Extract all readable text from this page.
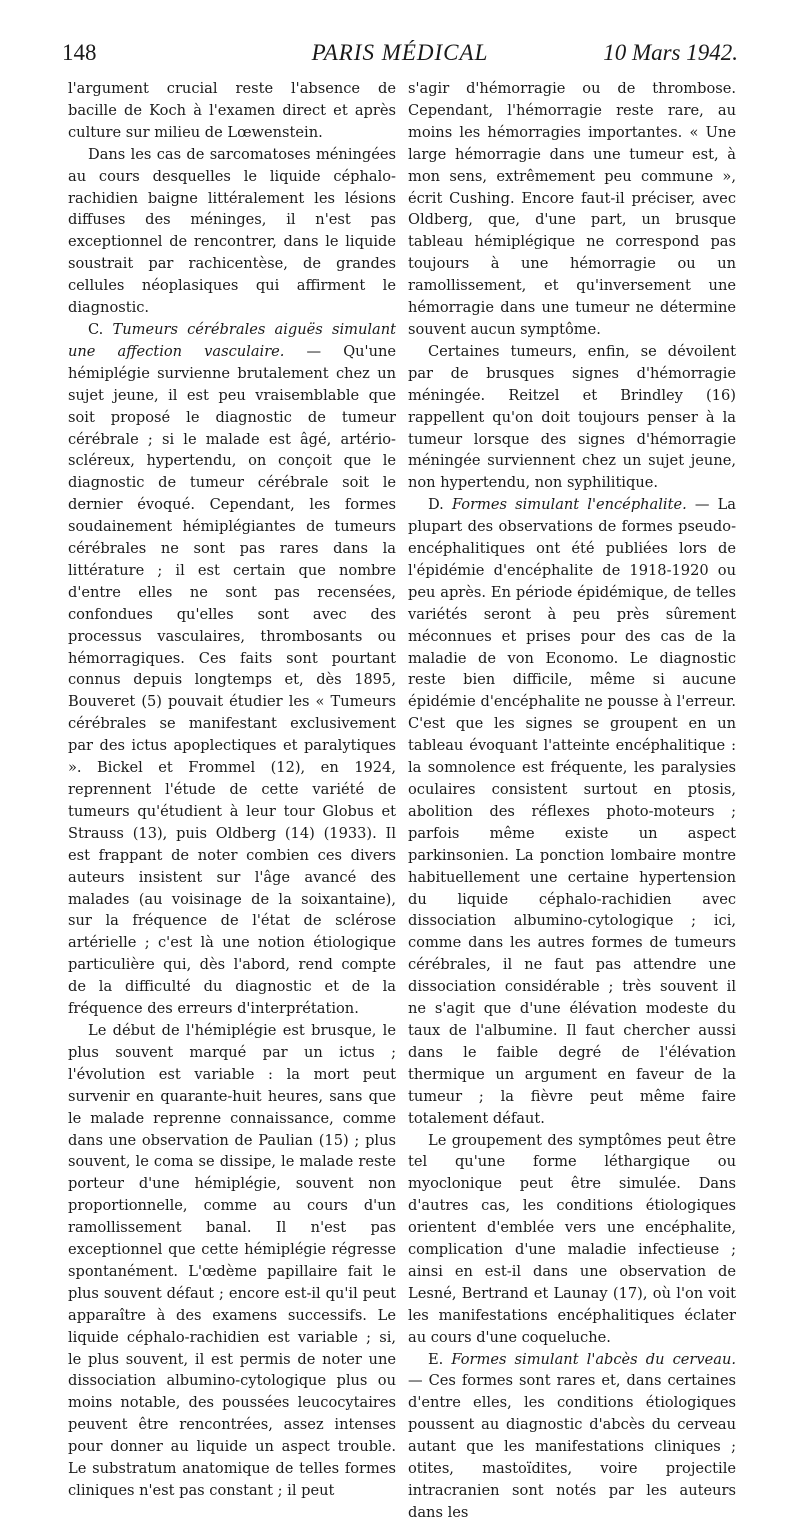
148	PARIS MÉDICAL	10 Mars 1942.

l'argument crucial reste l'absence de bacille de Koch à l'examen direct et après culture sur milieu de Lœwenstein.

Dans les cas de sarcomatoses méningées au cours desquelles le liquide céphalo-rachidien baigne littéralement les lésions diffuses des méninges, il n'est pas exceptionnel de rencontrer, dans le liquide soustrait par rachicentèse, de grandes cellules néoplasiques qui affirment le diagnostic.

C. Tumeurs cérébrales aiguës simulant une affection vasculaire. — Qu'une hémiplégie survienne brutalement chez un sujet jeune, il est peu vraisemblable que soit proposé le diagnostic de tumeur cérébrale ; si le malade est âgé, artério-scléreux, hypertendu, on conçoit que le diagnostic de tumeur cérébrale soit le dernier évoqué. Cependant, les formes soudainement hémiplégiantes de tumeurs cérébrales ne sont pas rares dans la littérature ; il est certain que nombre d'entre elles ne sont pas recensées, confondues qu'elles sont avec des processus vasculaires, thrombosants ou hémorragiques. Ces faits sont pourtant connus depuis longtemps et, dès 1895, Bouveret (5) pouvait étudier les « Tumeurs cérébrales se manifestant exclusivement par des ictus apoplectiques et paralytiques ». Bickel et Frommel (12), en 1924, reprennent l'étude de cette variété de tumeurs qu'étudient à leur tour Globus et Strauss (13), puis Oldberg (14) (1933). Il est frappant de noter combien ces divers auteurs insistent sur l'âge avancé des malades (au voisinage de la soixantaine), sur la fréquence de l'état de sclérose artérielle ; c'est là une notion étiologique particulière qui, dès l'abord, rend compte de la difficulté du diagnostic et de la fréquence des erreurs d'interprétation.

Le début de l'hémiplégie est brusque, le plus souvent marqué par un ictus ; l'évolution est variable : la mort peut survenir en quarante-huit heures, sans que le malade reprenne connaissance, comme dans une observation de Paulian (15) ; plus souvent, le coma se dissipe, le malade reste porteur d'une hémiplégie, souvent non proportionnelle, comme au cours d'un ramollissement banal. Il n'est pas exceptionnel que cette hémiplégie régresse spontanément. L'œdème papillaire fait le plus souvent défaut ; encore est-il qu'il peut apparaître à des examens successifs. Le liquide céphalo-rachidien est variable ; si, le plus souvent, il est permis de noter une dissociation albumino-cytologique plus ou moins notable, des poussées leucocytaires peuvent être rencontrées, assez intenses pour donner au liquide un aspect trouble. Le substratum anatomique de telles formes cliniques n'est pas constant ; il peut

s'agir d'hémorragie ou de thrombose. Cependant, l'hémorragie reste rare, au moins les hémorragies importantes. « Une large hémorragie dans une tumeur est, à mon sens, extrêmement peu commune », écrit Cushing. Encore faut-il préciser, avec Oldberg, que, d'une part, un brusque tableau hémiplégique ne correspond pas toujours à une hémorragie ou un ramollissement, et qu'inversement une hémorragie dans une tumeur ne détermine souvent aucun symptôme.

Certaines tumeurs, enfin, se dévoilent par de brusques signes d'hémorragie méningée. Reitzel et Brindley (16) rappellent qu'on doit toujours penser à la tumeur lorsque des signes d'hémorragie méningée surviennent chez un sujet jeune, non hypertendu, non syphilitique.

D. Formes simulant l'encéphalite. — La plupart des observations de formes pseudo-encéphalitiques ont été publiées lors de l'épidémie d'encéphalite de 1918-1920 ou peu après. En période épidémique, de telles variétés seront à peu près sûrement méconnues et prises pour des cas de la maladie de von Economo. Le diagnostic reste bien difficile, même si aucune épidémie d'encéphalite ne pousse à l'erreur. C'est que les signes se groupent en un tableau évoquant l'atteinte encéphalitique : la somnolence est fréquente, les paralysies oculaires consistent surtout en ptosis, abolition des réflexes photo-moteurs ; parfois même existe un aspect parkinsonien. La ponction lombaire montre habituellement une certaine hypertension du liquide céphalo-rachidien avec dissociation albumino-cytologique ; ici, comme dans les autres formes de tumeurs cérébrales, il ne faut pas attendre une dissociation considérable ; très souvent il ne s'agit que d'une élévation modeste du taux de l'albumine. Il faut chercher aussi dans le faible degré de l'élévation thermique un argument en faveur de la tumeur ; la fièvre peut même faire totalement défaut.

Le groupement des symptômes peut être tel qu'une forme léthargique ou myoclonique peut être simulée. Dans d'autres cas, les conditions étiologiques orientent d'emblée vers une encéphalite, complication d'une maladie infectieuse ; ainsi en est-il dans une observation de Lesné, Bertrand et Launay (17), où l'on voit les manifestations encéphalitiques éclater au cours d'une coqueluche.

E. Formes simulant l'abcès du cerveau. — Ces formes sont rares et, dans certaines d'entre elles, les conditions étiologiques poussent au diagnostic d'abcès du cerveau autant que les manifestations cliniques ; otites, mastoïdites, voire projectile intracranien sont notés par les auteurs dans les
